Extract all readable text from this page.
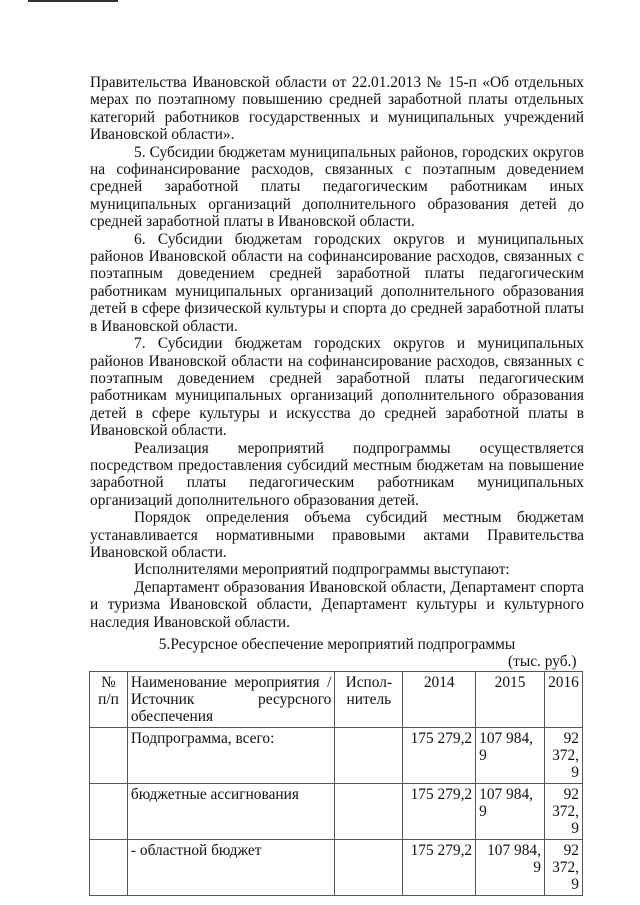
Правительства Ивановской области от 22.01.2013 № 15-п «Об отдельных мерах по поэтапному повышению средней заработной платы отдельных категорий работников государственных и муниципальных учреждений Ивановской области».

5. Субсидии бюджетам муниципальных районов, городских округов на софинансирование расходов, связанных с поэтапным доведением средней заработной платы педагогическим работникам иных муниципальных организаций дополнительного образования детей до средней заработной платы в Ивановской области.

6. Субсидии бюджетам городских округов и муниципальных районов Ивановской области на софинансирование расходов, связанных с поэтапным доведением средней заработной платы педагогическим работникам муниципальных организаций дополнительного образования детей в сфере физической культуры и спорта до средней заработной платы в Ивановской области.

7. Субсидии бюджетам городских округов и муниципальных районов Ивановской области на софинансирование расходов, связанных с поэтапным доведением средней заработной платы педагогическим работникам муниципальных организаций дополнительного образования детей в сфере культуры и искусства до средней заработной платы в Ивановской области.

Реализация мероприятий подпрограммы осуществляется посредством предоставления субсидий местным бюджетам на повышение заработной платы педагогическим работникам муниципальных организаций дополнительного образования детей.

Порядок определения объема субсидий местным бюджетам устанавливается нормативными правовыми актами Правительства Ивановской области.

Исполнителями мероприятий подпрограммы выступают:

Департамент образования Ивановской области, Департамент спорта и туризма Ивановской области, Департамент культуры и культурного наследия Ивановской области.

5.Ресурсное обеспечение мероприятий подпрограммы
(тыс. руб.)
№ п/п	Наименование мероприятия / Источник ресурсного обеспечения	Испол-нитель	2014	2015	2016
	Подпрограмма, всего:		175 279,2	107 984, 9	92 372, 9
	бюджетные ассигнования		175 279,2	107 984, 9	92 372, 9
	- областной бюджет		175 279,2	107 984, 9	92 372, 9
